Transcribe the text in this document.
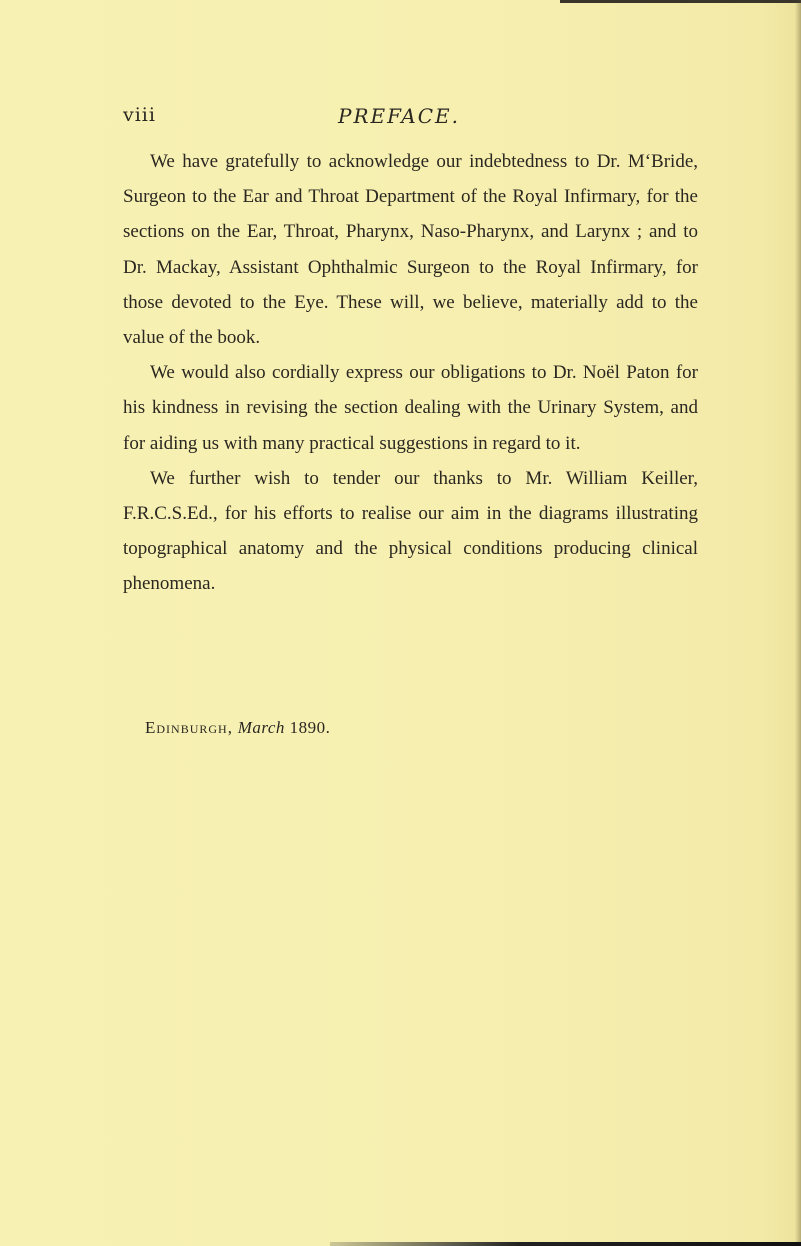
viii	PREFACE.

We have gratefully to acknowledge our indebtedness to Dr. M‘Bride, Surgeon to the Ear and Throat Department of the Royal Infirmary, for the sections on the Ear, Throat, Pharynx, Naso-Pharynx, and Larynx ; and to Dr. Mackay, Assistant Ophthalmic Surgeon to the Royal Infirmary, for those devoted to the Eye. These will, we believe, materially add to the value of the book.

We would also cordially express our obligations to Dr. Noël Paton for his kindness in revising the section dealing with the Urinary System, and for aiding us with many practical suggestions in regard to it.

We further wish to tender our thanks to Mr. William Keiller, F.R.C.S.Ed., for his efforts to realise our aim in the diagrams illustrating topographical anatomy and the physical conditions producing clinical phenomena.

Edinburgh, March 1890.
